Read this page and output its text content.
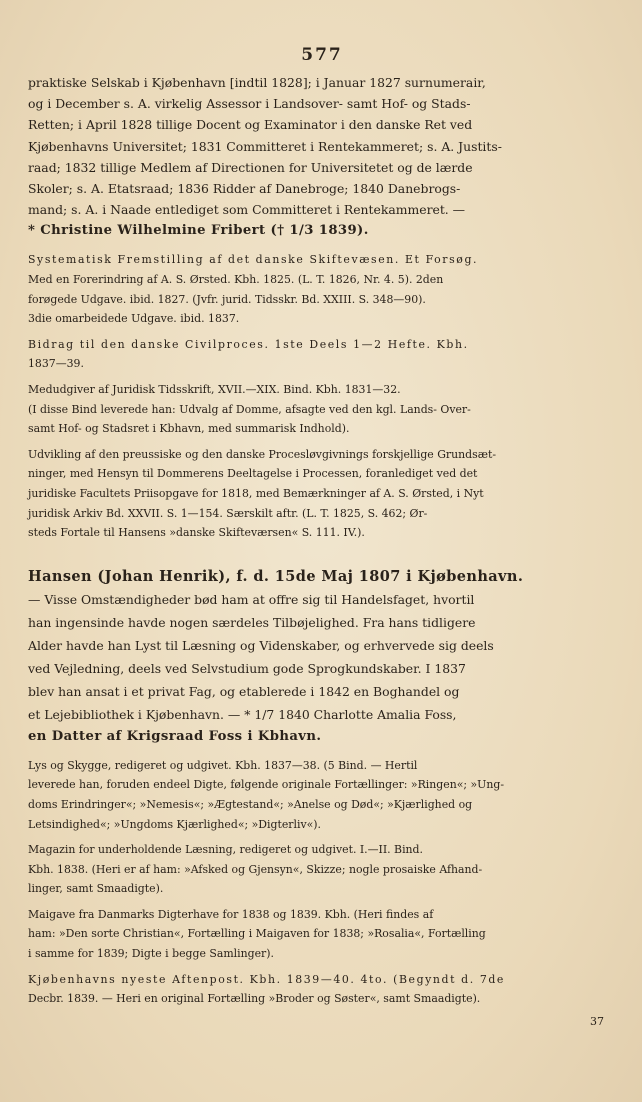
577

praktiske Selskab i Kjøbenhavn [indtil 1828]; i Januar 1827 surnumerair,

og i December s. A. virkelig Assessor i Landsover- samt Hof- og Stads-

Retten; i April 1828 tillige Docent og Examinator i den danske Ret ved

Kjøbenhavns Universitet; 1831 Committeret i Rentekammeret; s. A. Justits-

raad; 1832 tillige Medlem af Directionen for Universitetet og de lærde

Skoler; s. A. Etatsraad; 1836 Ridder af Danebroge; 1840 Danebrogs-

mand; s. A. i Naade entlediget som Committeret i Rentekammeret. —

* Christine Wilhelmine Fribert († 1/3 1839).

Systematisk Fremstilling af det danske Skiftevæsen. Et Forsøg.

Med en Forerindring af A. S. Ørsted. Kbh. 1825. (L. T. 1826, Nr. 4. 5). 2den

forøgede Udgave. ibid. 1827. (Jvfr. jurid. Tidsskr. Bd. XXIII. S. 348—90).

3die omarbeidede Udgave. ibid. 1837.

Bidrag til den danske Civilproces. 1ste Deels 1—2 Hefte. Kbh.

1837—39.

Medudgiver af Juridisk Tidsskrift, XVII.—XIX. Bind. Kbh. 1831—32.

(I disse Bind leverede han: Udvalg af Domme, afsagte ved den kgl. Lands- Over-

samt Hof- og Stadsret i Kbhavn, med summarisk Indhold).

Udvikling af den preussiske og den danske Procesløvgivnings forskjellige Grundsæt-

ninger, med Hensyn til Dommerens Deeltagelse i Processen, foranlediget ved det

juridiske Facultets Priisopgave for 1818, med Bemærkninger af A. S. Ørsted, i Nyt

juridisk Arkiv Bd. XXVII. S. 1—154. Særskilt aftr. (L. T. 1825, S. 462; Ør-

steds Fortale til Hansens »danske Skifteværsen« S. 111. IV.).

Hansen (Johan Henrik), f. d. 15de Maj 1807 i Kjøbenhavn.

— Visse Omstændigheder bød ham at offre sig til Handelsfaget, hvortil

han ingensinde havde nogen særdeles Tilbøjelighed. Fra hans tidligere

Alder havde han Lyst til Læsning og Videnskaber, og erhvervede sig deels

ved Vejledning, deels ved Selvstudium gode Sprogkundskaber. I 1837

blev han ansat i et privat Fag, og etablerede i 1842 en Boghandel og

et Lejebibliothek i Kjøbenhavn. — * 1/7 1840 Charlotte Amalia Foss,

en Datter af Krigsraad Foss i Kbhavn.

Lys og Skygge, redigeret og udgivet. Kbh. 1837—38. (5 Bind. — Hertil

leverede han, foruden endeel Digte, følgende originale Fortællinger: »Ringen«; »Ung-

doms Erindringer«; »Nemesis«; »Ægtestand«; »Anelse og Død«; »Kjærlighed og

Letsindighed«; »Ungdoms Kjærlighed«; »Digterliv«).

Magazin for underholdende Læsning, redigeret og udgivet. I.—II. Bind.

Kbh. 1838. (Heri er af ham: »Afsked og Gjensyn«, Skizze; nogle prosaiske Afhand-

linger, samt Smaadigte).

Maigave fra Danmarks Digterhave for 1838 og 1839. Kbh. (Heri findes af

ham: »Den sorte Christian«, Fortælling i Maigaven for 1838; »Rosalia«, Fortælling

i samme for 1839; Digte i begge Samlinger).

Kjøbenhavns nyeste Aftenpost. Kbh. 1839—40. 4to. (Begyndt d. 7de

Decbr. 1839. — Heri en original Fortælling »Broder og Søster«, samt Smaadigte).

37
